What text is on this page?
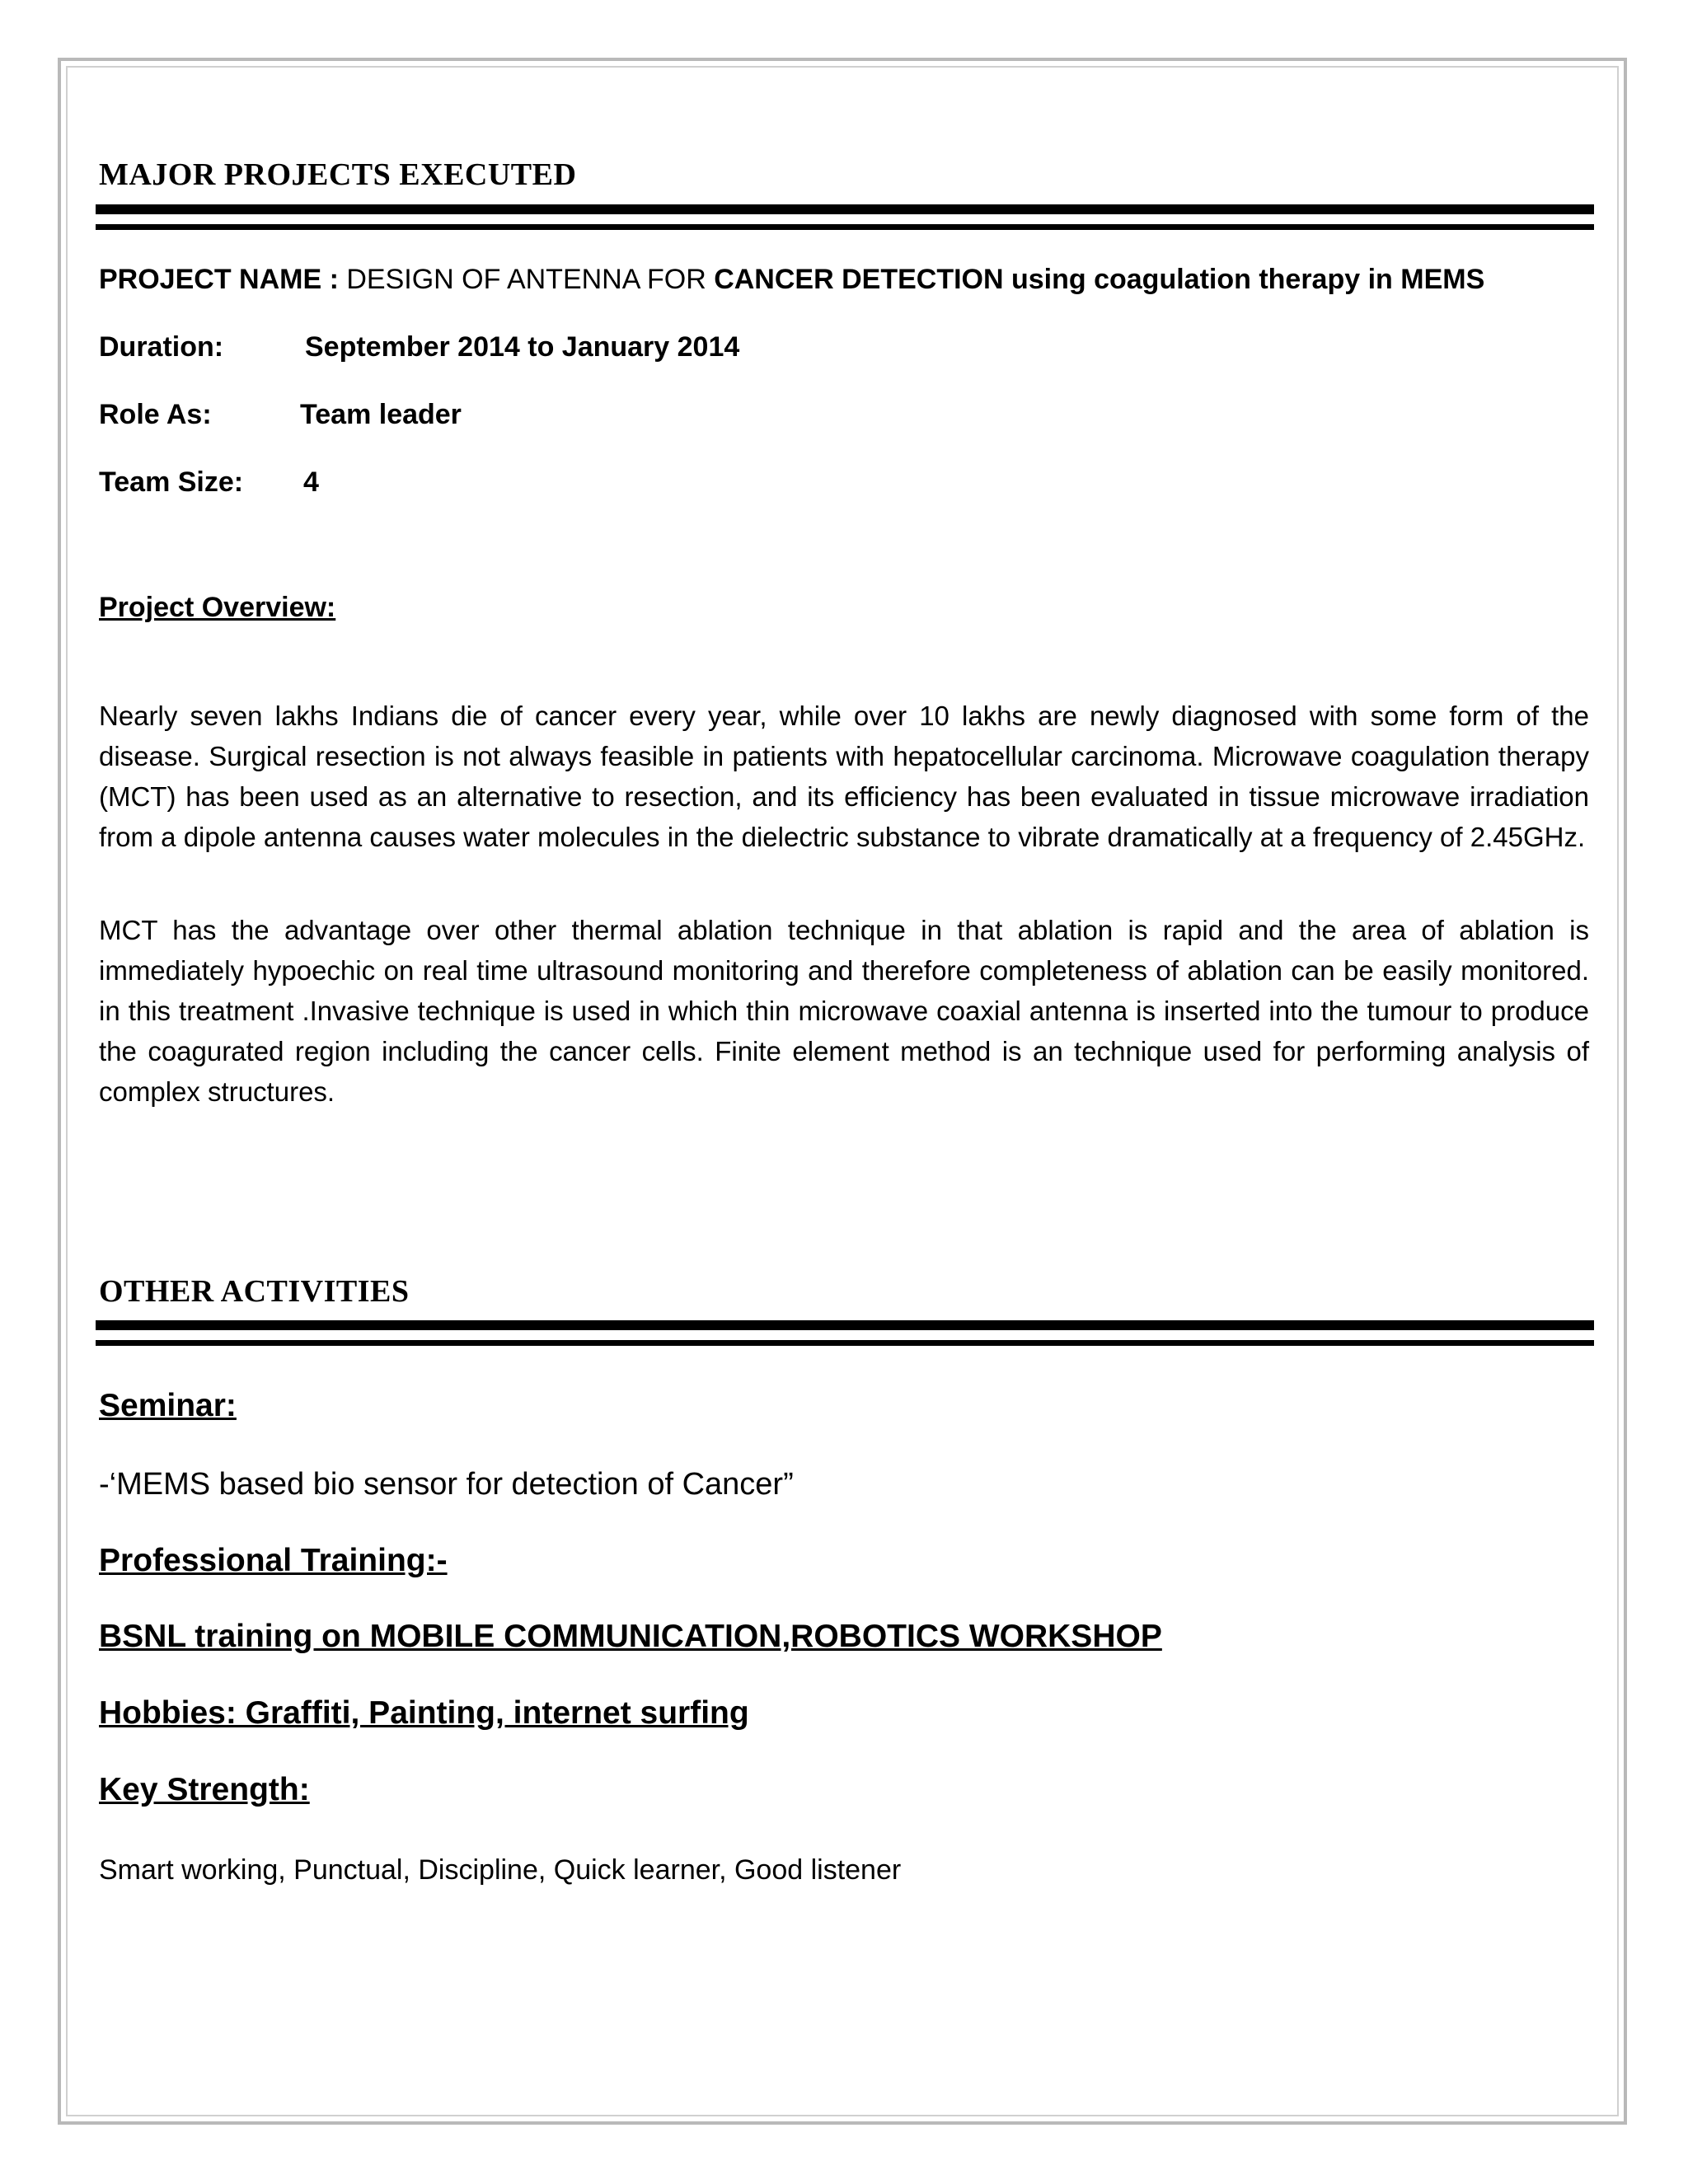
MAJOR PROJECTS EXECUTED
PROJECT NAME : DESIGN OF ANTENNA FOR CANCER DETECTION using coagulation therapy in MEMS
Duration:	September 2014 to January 2014
Role As:	Team leader
Team Size: 4
Project Overview:
Nearly seven lakhs Indians die of cancer every year, while over 10 lakhs are newly diagnosed with some form of the disease. Surgical resection is not always feasible in patients with hepatocellular carcinoma. Microwave coagulation therapy (MCT) has been used as an alternative to resection, and its efficiency has been evaluated in tissue microwave irradiation from a dipole antenna causes water molecules in the dielectric substance to vibrate dramatically at a frequency of 2.45GHz.
MCT has the advantage over other thermal ablation technique in that ablation is rapid and the area of ablation is immediately hypoechic on real time ultrasound monitoring and therefore completeness of ablation can be easily monitored. in this treatment .Invasive technique is used in which thin microwave coaxial antenna is inserted into the tumour to produce the coagurated region including the cancer cells. Finite element method is an technique used for performing analysis of complex structures.
OTHER ACTIVITIES
Seminar:
-‘MEMS based bio sensor for detection of Cancer”
Professional Training:-
BSNL training on MOBILE COMMUNICATION,ROBOTICS WORKSHOP
Hobbies: Graffiti, Painting, internet surfing
Key Strength:
Smart working, Punctual, Discipline, Quick learner, Good listener
